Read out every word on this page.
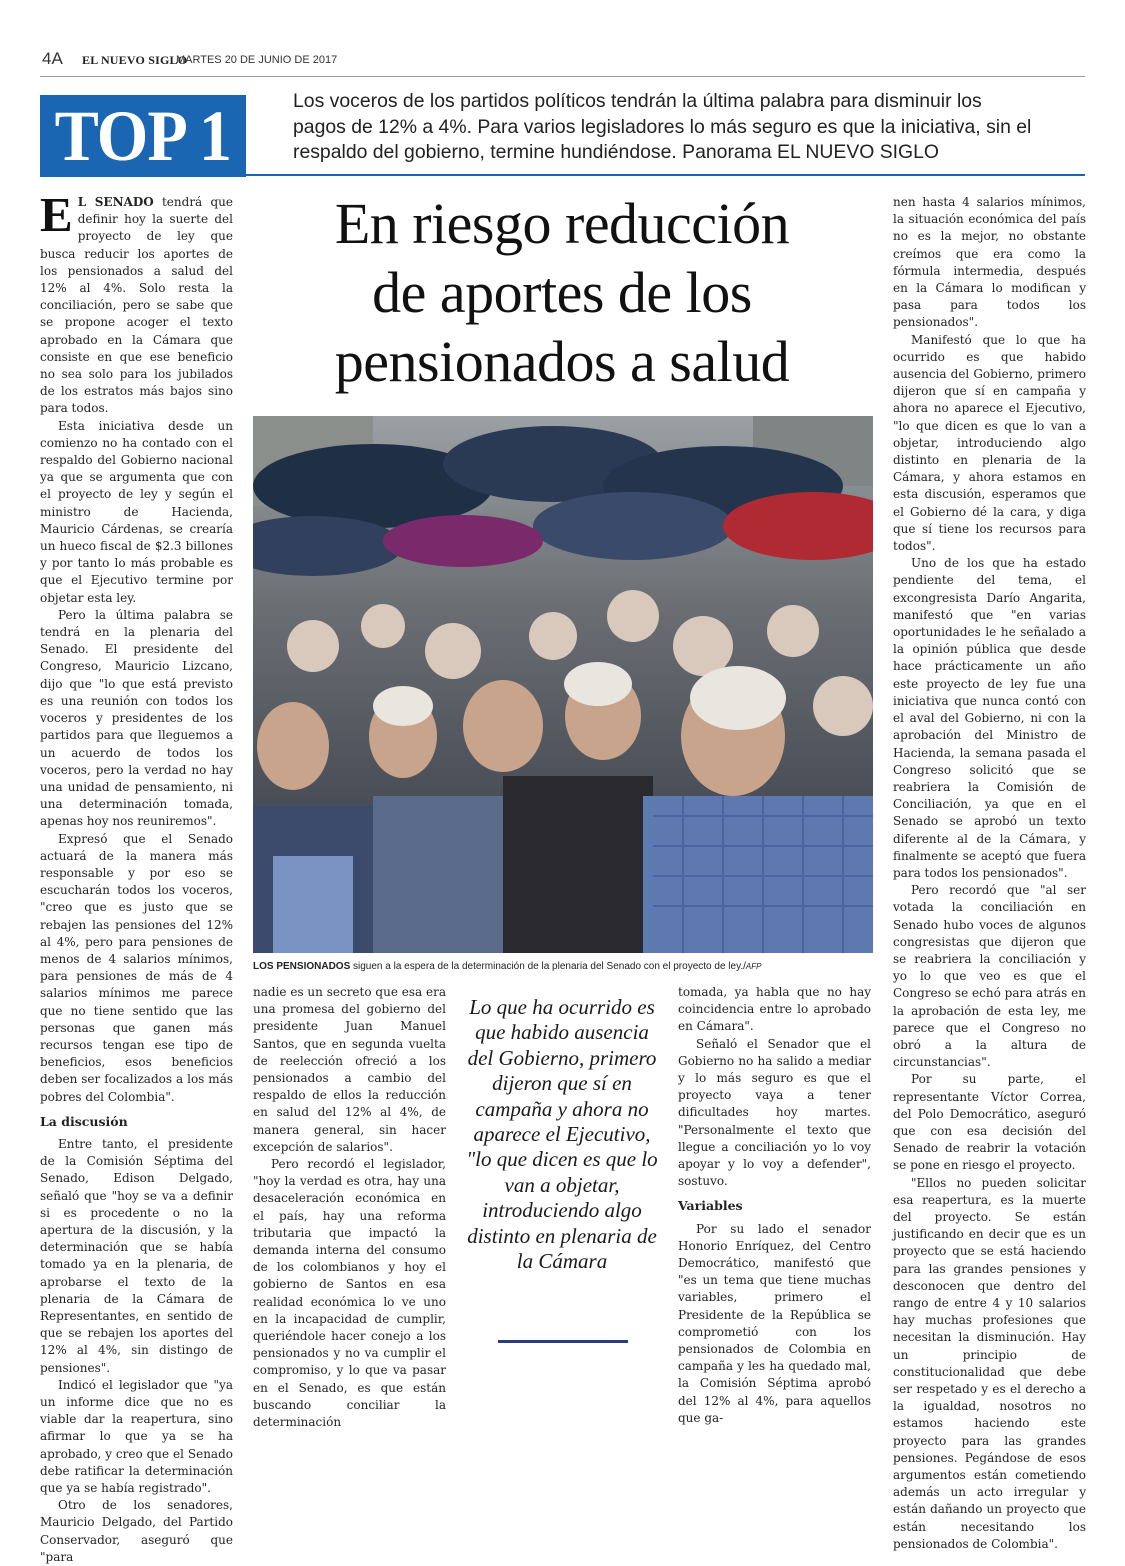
4A EL NUEVO SIGLO
MARTES 20 DE JUNIO DE 2017
TOP 1	Los voceros de los partidos políticos tendrán la última palabra para disminuir los

pagos de 12% a 4%. Para varios legisladores lo más seguro es que la iniciativa, sin el

respaldo del gobierno, termine hundiéndose. Panorama EL NUEVO SIGLO

En riesgo reducción
de aportes de los
pensionados a salud

E L SENADO tendrá que definir hoy la suerte del proyecto de ley que busca reducir los aportes de los pensionados a salud del 12% al 4%. Solo resta la conciliación, pero se sabe que se propone acoger el texto aprobado en la Cámara que consiste en que ese beneficio no sea solo para los jubilados de los estratos más bajos sino para todos.

Esta iniciativa desde un comienzo no ha contado con el respaldo del Gobierno nacional ya que se argumenta que con el proyecto de ley y según el ministro de Hacienda, Mauricio Cárdenas, se crearía un hueco fiscal de $2.3 billones y por tanto lo más probable es que el Ejecutivo termine por objetar esta ley.

Pero la última palabra se tendrá en la plenaria del Senado. El presidente del Congreso, Mauricio Lizcano, dijo que "lo que está previsto es una reunión con todos los voceros y presidentes de los partidos para que lleguemos a un acuerdo de todos los voceros, pero la verdad no hay una unidad de pensamiento, ni una determinación tomada, apenas hoy nos reuniremos".

Expresó que el Senado actuará de la manera más responsable y por eso se escucharán todos los voceros, "creo que es justo que se rebajen las pensiones del 12% al 4%, pero para pensiones de menos de 4 salarios mínimos, para pensiones de más de 4 salarios mínimos me parece que no tiene sentido que las personas que ganen más recursos tengan ese tipo de beneficios, esos beneficios deben ser focalizados a los más pobres del Colombia".

La discusión

Entre tanto, el presidente de la Comisión Séptima del Senado, Edison Delgado, señaló que "hoy se va a definir si es procedente o no la apertura de la discusión, y la determinación que se había tomado ya en la plenaria, de aprobarse el texto de la plenaria de la Cámara de Representantes, en sentido de que se rebajen los aportes del 12% al 4%, sin distingo de pensiones".

Indicó el legislador que "ya un informe dice que no es viable dar la reapertura, sino afirmar lo que ya se ha aprobado, y creo que el Senado debe ratificar la determinación que ya se había registrado".

Otro de los senadores, Mauricio Delgado, del Partido Conservador, aseguró que "para

LOS PENSIONADOS siguen a la espera de la determinación de la plenaria del Senado con el proyecto de ley./AFP

nadie es un secreto que esa era una promesa del gobierno del presidente Juan Manuel Santos, que en segunda vuelta de reelección ofreció a los pensionados a cambio del respaldo de ellos la reducción en salud del 12% al 4%, de manera general, sin hacer excepción de salarios".

Pero recordó el legislador, "hoy la verdad es otra, hay una desaceleración económica en el país, hay una reforma tributaria que impactó la demanda interna del consumo de los colombianos y hoy el gobierno de Santos en esa realidad económica lo ve uno en la incapacidad de cumplir, queriéndole hacer conejo a los pensionados y no va cumplir el compromiso, y lo que va pasar en el Senado, es que están buscando conciliar la determinación

Lo que ha ocurrido es que habido ausencia del Gobierno, primero dijeron que sí en campaña y ahora no aparece el Ejecutivo, "lo que dicen es que lo van a objetar, introduciendo algo distinto en plenaria de la Cámara

tomada, ya habla que no hay coincidencia entre lo aprobado en Cámara".

Señaló el Senador que el Gobierno no ha salido a mediar y lo más seguro es que el proyecto vaya a tener dificultades hoy martes. "Personalmente el texto que llegue a conciliación yo lo voy apoyar y lo voy a defender", sostuvo.

Variables

Por su lado el senador Honorio Enríquez, del Centro Democrático, manifestó que "es un tema que tiene muchas variables, primero el Presidente de la República se comprometió con los pensionados de Colombia en campaña y les ha quedado mal, la Comisión Séptima aprobó del 12% al 4%, para aquellos que ga-

nen hasta 4 salarios mínimos, la situación económica del país no es la mejor, no obstante creímos que era como la fórmula intermedia, después en la Cámara lo modifican y pasa para todos los pensionados".

Manifestó que lo que ha ocurrido es que habido ausencia del Gobierno, primero dijeron que sí en campaña y ahora no aparece el Ejecutivo, "lo que dicen es que lo van a objetar, introduciendo algo distinto en plenaria de la Cámara, y ahora estamos en esta discusión, esperamos que el Gobierno dé la cara, y diga que sí tiene los recursos para todos".

Uno de los que ha estado pendiente del tema, el excongresista Darío Angarita, manifestó que "en varias oportunidades le he señalado a la opinión pública que desde hace prácticamente un año este proyecto de ley fue una iniciativa que nunca contó con el aval del Gobierno, ni con la aprobación del Ministro de Hacienda, la semana pasada el Congreso solicitó que se reabriera la Comisión de Conciliación, ya que en el Senado se aprobó un texto diferente al de la Cámara, y finalmente se aceptó que fuera para todos los pensionados".

Pero recordó que "al ser votada la conciliación en Senado hubo voces de algunos congresistas que dijeron que se reabriera la conciliación y yo lo que veo es que el Congreso se echó para atrás en la aprobación de esta ley, me parece que el Congreso no obró a la altura de circunstancias".

Por su parte, el representante Víctor Correa, del Polo Democrático, aseguró que con esa decisión del Senado de reabrir la votación se pone en riesgo el proyecto.

"Ellos no pueden solicitar esa reapertura, es la muerte del proyecto. Se están justificando en decir que es un proyecto que se está haciendo para las grandes pensiones y desconocen que dentro del rango de entre 4 y 10 salarios hay muchas profesiones que necesitan la disminución. Hay un principio de constitucionalidad que debe ser respetado y es el derecho a la igualdad, nosotros no estamos haciendo este proyecto para las grandes pensiones. Pegándose de esos argumentos están cometiendo además un acto irregular y están dañando un proyecto que están necesitando los pensionados de Colombia".
